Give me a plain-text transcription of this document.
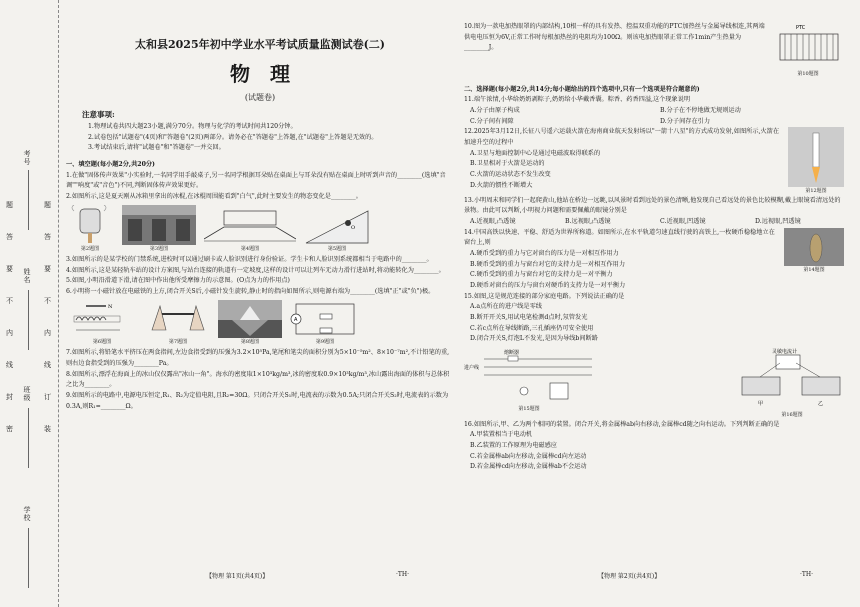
考号
姓名
班级
学校
题
答
要
不
内
线
订
装
题
答
要
不
内
线
封
密
太和县2025年初中学业水平考试质量监测试卷(二)
物理
(试题卷)
注意事项:
1.物理试卷共四大题23小题,满分70分。物理与化学的考试时间共120分钟。
2.试卷包括"试题卷"(4页)和"答题卷"(2页)两部分。请务必在"答题卷"上答题,在"试题卷"上答题是无效的。
3.考试结束后,请将"试题卷"和"答题卷"一并交回。
一、填空题(每小题2分,共20分)

1.在做"固体传声效果"小实验时,一名同学用手敲桌子,另一名同学根据耳朵贴在桌面上与耳朵没有贴在桌面上时听到声音的________(选填"音调""响度"或"音色")不同,判断固体传声效果更好。

2.如图所示,这是夏天刚从冰箱里拿出的冰棍,在冰棍周围能看到"白气",此时主要发生的物态变化是________。

第2题图	第3题图	第4题图
O
第5题图

3.如图所示的是某学校的门禁系统,进校时可以通过刷卡或人脸识别进行身份验证。学生卡和人脸识别系统都相当于电路中的________。

4.如图所示,这是某轻轨车站的设计方案图,与站台连接的轨道有一定坡度,这样的设计可以让列车无动力滑行进站时,将动能转化为________。

5.如图,小明沿滑道下滑,请在图中作出他所受摩擦力的示意图。(O点为力的作用点)

6.小明将一小磁针放在电磁铁的上方,闭合开关S后,小磁针发生旋转,静止时的指向如图所示,则电源右端为________(选填"正"或"负")极。

N
第6题图	第7题图	第8题图
A
第9题图

7.如图所示,将铅笔水平挤压在两食指间,左边食指受到的压强为3.2×10⁵Pa,笔尾和笔尖的面积分别为5×10⁻⁵m²、8×10⁻⁷m²,不计铅笔的重,则右边食指受到的压强为________Pa。

8.如图所示,漂浮在海面上的冰山仅仅露出"冰山一角"。海水的密度取1×10³kg/m³,冰的密度取0.9×10³kg/m³,冰山露出海面的体积与总体积之比为________。

9.如图所示的电路中,电源电压恒定,R₁、R₂为定值电阻,且R₂=30Ω。只闭合开关S₁时,电流表的示数为0.5A;只闭合开关S₂时,电流表的示数为0.3A,则R₁=________Ω。

【物理 第1页(共4页)】	·TH·

10.图为一款电加热眼罩的内部结构,10根一样的具有发热、控温双重功能的PTC加热丝与金属导线相连,其两端供电电压恒为6V,正常工作时每根加热丝的电阻均为100Ω。则该电加热眼罩正常工作1min产生热量为________J。

PTC
第10题图
二、选择题(每小题2分,共14分;每小题给出的四个选项中,只有一个选项是符合题意的)

11.端午浓情,小华给奶奶剥粽子,奶奶给小华戴香囊。粽香、药香四溢,这个现象说明

A.分子由原子构成	B.分子在不停地做无规则运动
C.分子间有间隙	D.分子间存在引力

12.2025年3月12日,长征八号遥六运载火箭在海南商业航天发射场以"一箭十八星"的方式成功发射,如图所示,火箭在加速升空的过程中

A.卫星与地面控制中心是通过电磁波取得联系的
B.卫星相对于火箭是运动的
C.火箭的运动状态不发生改变
D.火箭的惯性不断增大
第12题图

13.小明周末和同学们一起爬黄山,他站在桥边一远眺,以风景时看到远处的景色清晰,他发现自己看远处的景色比较模糊,戴上眼镜看清远处的景物。由此可以判断,小明视力问题和需要佩戴的眼镜分别是

A.近视眼,凸透镜	B.远视眼,凸透镜	C.近视眼,凹透镜	D.远视眼,凹透镜

14.中国高铁以快速、平稳、舒适为世界所称道。如图所示,在水平轨道匀速直线行驶的高铁上,一枚硬币稳稳地立在窗台上,则

A.硬币受到的重力与它对窗台的压力是一对相互作用力
B.硬币受到的重力与窗台对它的支持力是一对相互作用力
C.硬币受到的重力与窗台对它的支持力是一对平衡力
D.硬币对窗台的压力与窗台对硬币的支持力是一对平衡力
第14题图

15.如图,这是规范连接的部分家庭电路。下列说法正确的是

A.a点所在的进户线是零线
B.断开开关S,用试电笔检测d点时,氖管发光
C.若c点所在导线断路,三孔插座仍可安全使用
D.闭合开关S,灯泡L不发光,是因为导线b间断路
熔断器
进户线
第15题图
灵敏电流计
甲	乙
第16题图

16.如图所示,甲、乙为两个相同的装置。闭合开关,将金属棒ab向右移动,金属棒cd随之向右运动。下列判断正确的是

A.甲装置相当于电动机
B.乙装置的工作原理为电磁感应
C.若金属棒ab向左移动,金属棒cd向左运动
D.若金属棒cd向左移动,金属棒ab不会运动
【物理 第2页(共4页)】	·TH·
